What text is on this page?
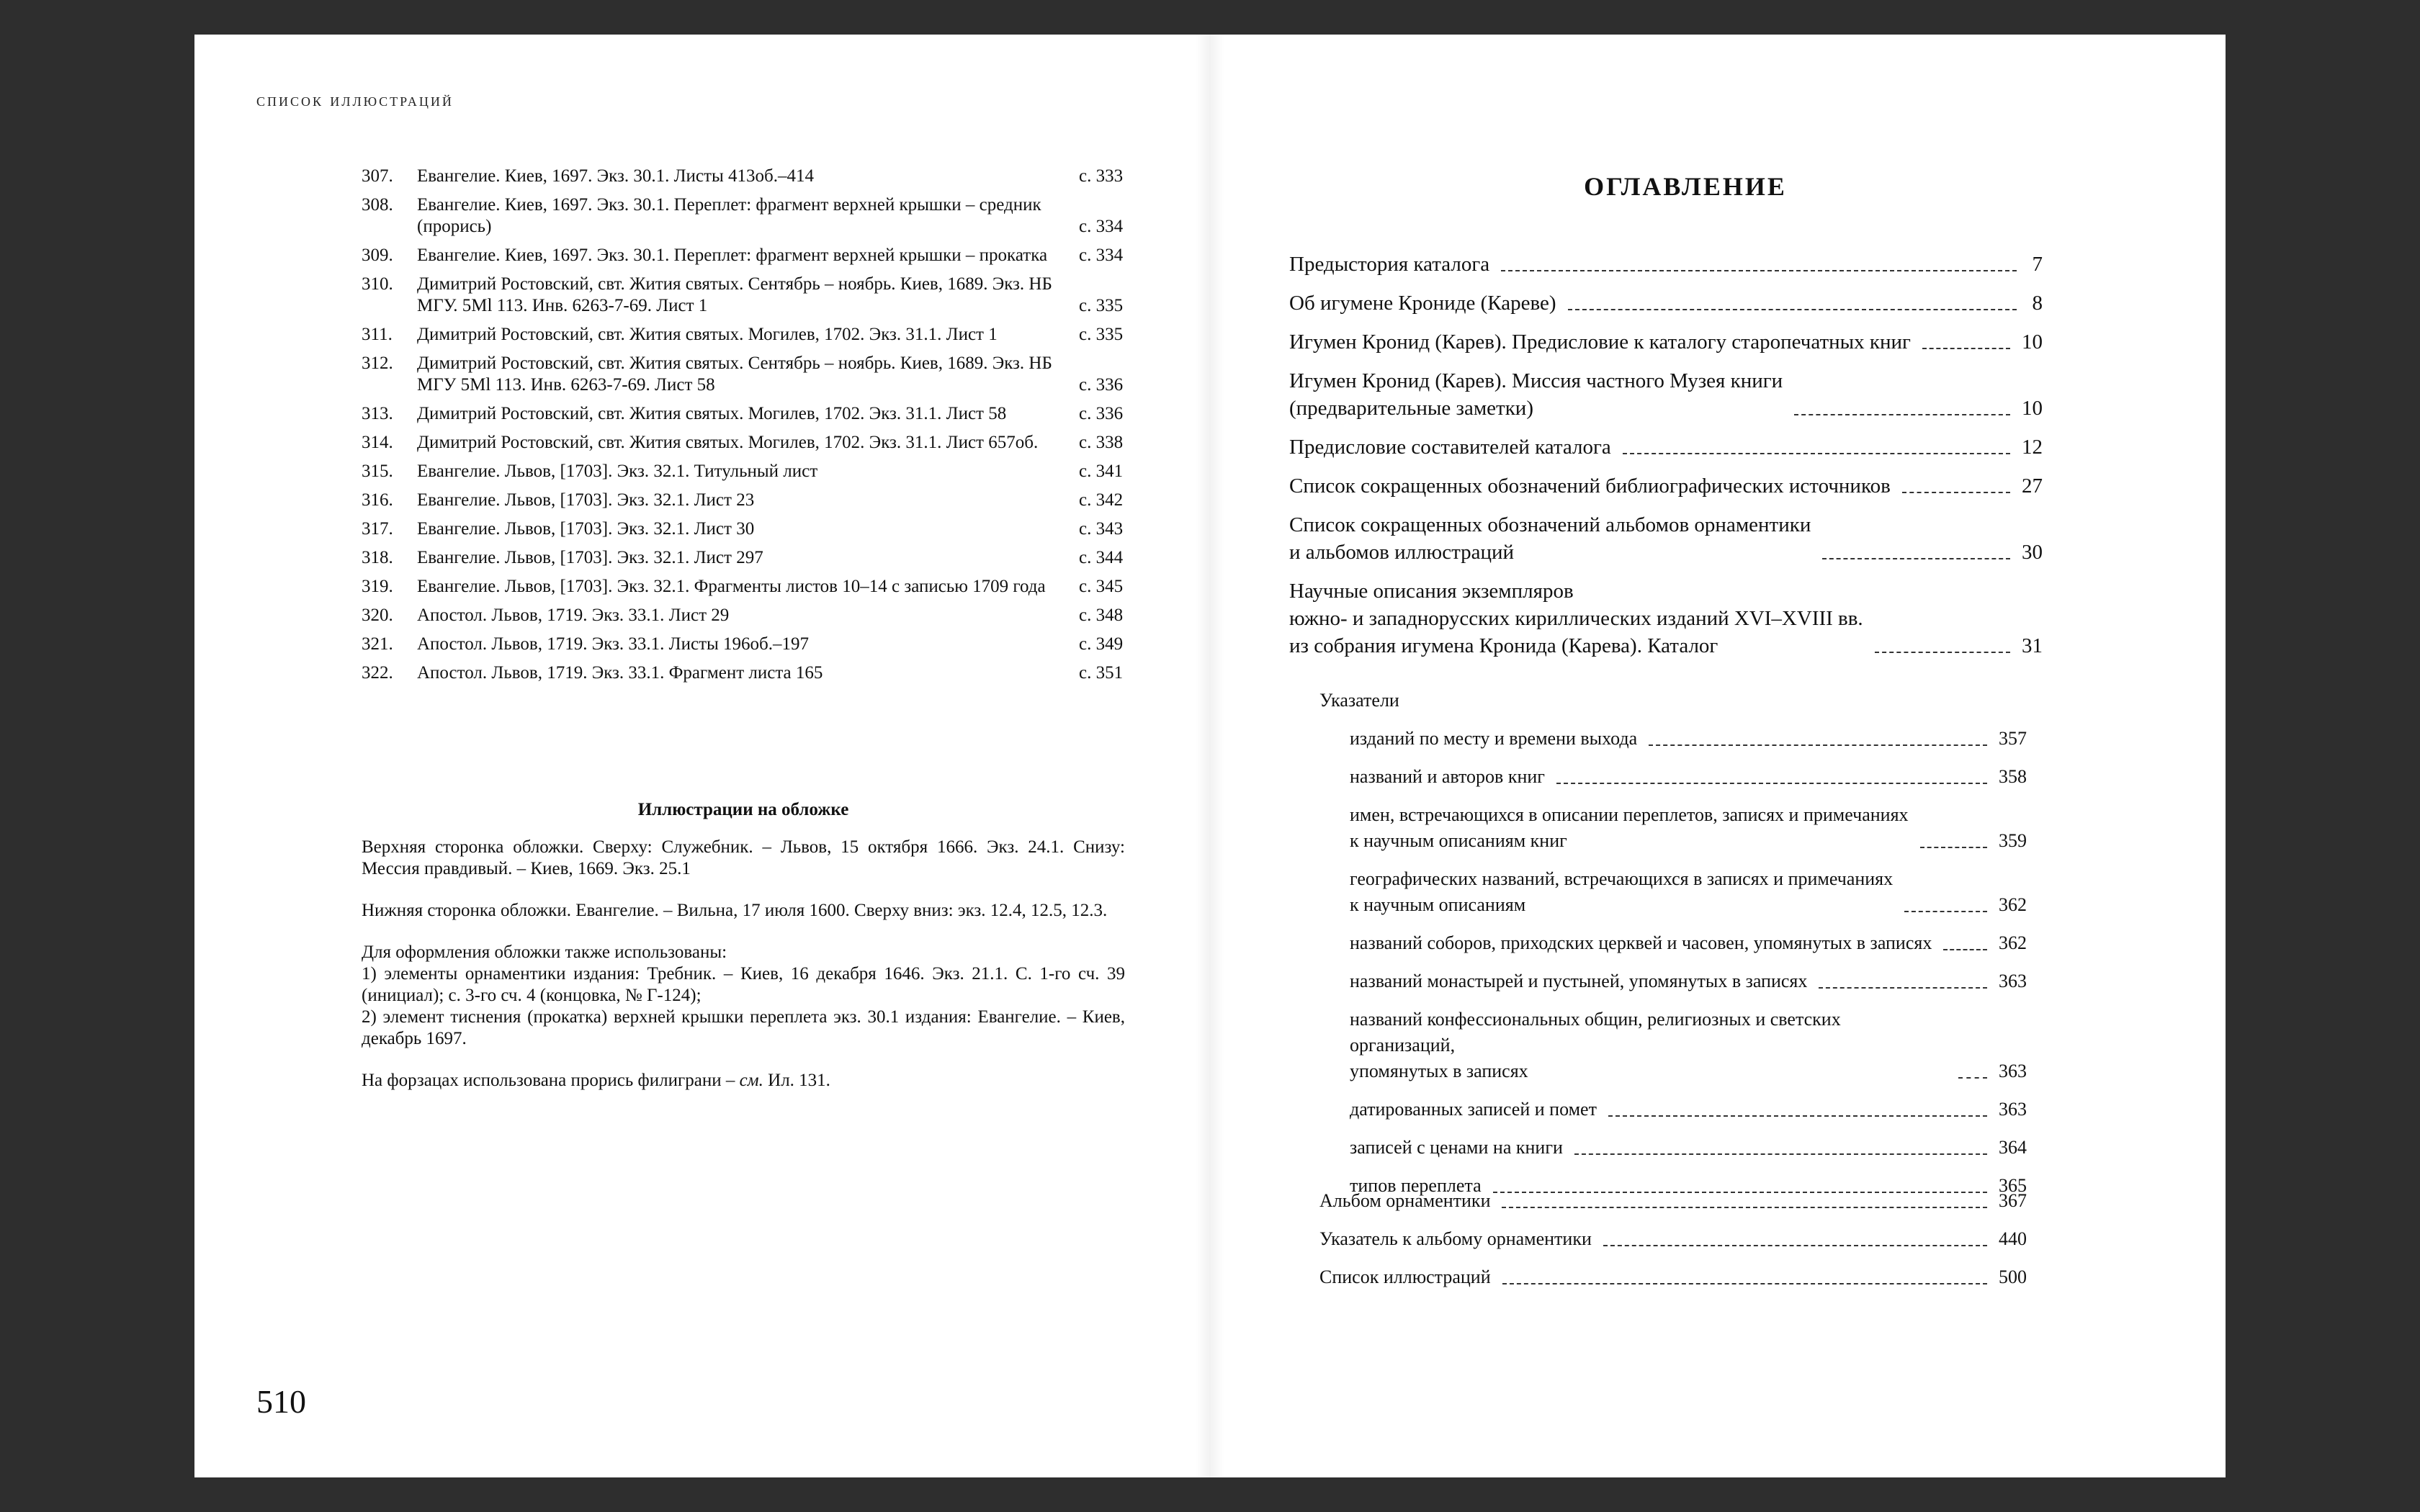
список иллюстраций
307.	Евангелие. Киев, 1697. Экз. 30.1. Листы 413об.–414	с. 333
308.	Евангелие. Киев, 1697. Экз. 30.1. Переплет: фрагмент верхней крышки – средник (прорись)	с. 334
309.	Евангелие. Киев, 1697. Экз. 30.1. Переплет: фрагмент верхней крышки – прокатка	с. 334
310.	Димитрий Ростовский, свт. Жития святых. Сентябрь – ноябрь. Киев, 1689. Экз. НБ МГУ. 5Ml 113. Инв. 6263-7-69. Лист 1	с. 335
311.	Димитрий Ростовский, свт. Жития святых. Могилев, 1702. Экз. 31.1. Лист 1	с. 335
312.	Димитрий Ростовский, свт. Жития святых. Сентябрь – ноябрь. Киев, 1689. Экз. НБ МГУ 5Ml 113. Инв. 6263-7-69. Лист 58	с. 336
313.	Димитрий Ростовский, свт. Жития святых. Могилев, 1702. Экз. 31.1. Лист 58	с. 336
314.	Димитрий Ростовский, свт. Жития святых. Могилев, 1702. Экз. 31.1. Лист 657об.	с. 338
315.	Евангелие. Львов, [1703]. Экз. 32.1. Титульный лист	с. 341
316.	Евангелие. Львов, [1703]. Экз. 32.1. Лист 23	с. 342
317.	Евангелие. Львов, [1703]. Экз. 32.1. Лист 30	с. 343
318.	Евангелие. Львов, [1703]. Экз. 32.1. Лист 297	с. 344
319.	Евангелие. Львов, [1703]. Экз. 32.1. Фрагменты листов 10–14 с записью 1709 года	с. 345
320.	Апостол. Львов, 1719. Экз. 33.1. Лист 29	с. 348
321.	Апостол. Львов, 1719. Экз. 33.1. Листы 196об.–197	с. 349
322.	Апостол. Львов, 1719. Экз. 33.1. Фрагмент листа 165	с. 351
Иллюстрации на обложке

Верхняя сторонка обложки. Сверху: Служебник. – Львов, 15 октября 1666. Экз. 24.1. Снизу: Мессия правдивый. – Киев, 1669. Экз. 25.1

Нижняя сторонка обложки. Евангелие. – Вильна, 17 июля 1600. Сверху вниз: экз. 12.4, 12.5, 12.3.

Для оформления обложки также использованы:
1) элементы орнаментики издания: Требник. – Киев, 16 декабря 1646. Экз. 21.1. С. 1-го сч. 39 (инициал); с. 3-го сч. 4 (концовка, № Г-124);
2) элемент тиснения (прокатка) верхней крышки переплета экз. 30.1 издания: Евангелие. – Киев, декабрь 1697.

На форзацах использована прорись филиграни – см. Ил. 131.

510
ОГЛАВЛЕНИЕ
Предыстория каталога	7
Об игумене Крониде (Кареве)	8
Игумен Кронид (Карев). Предисловие к каталогу старопечатных книг	10
Игумен Кронид (Карев). Миссия частного Музея книги
(предварительные заметки)	10
Предисловие составителей каталога	12
Список сокращенных обозначений библиографических источников	27
Список сокращенных обозначений альбомов орнаментики
и альбомов иллюстраций	30
Научные описания экземпляров
южно- и западнорусских кириллических изданий XVI–XVIII вв.
из собрания игумена Кронида (Карева). Каталог	31
Указатели
изданий по месту и времени выхода	357
названий и авторов книг	358
имен, встречающихся в описании переплетов, записях и примечаниях
к научным описаниям книг	359
географических названий, встречающихся в записях и примечаниях
к научным описаниям	362
названий соборов, приходских церквей и часовен, упомянутых в записях	362
названий монастырей и пустыней, упомянутых в записях	363
названий конфессиональных общин, религиозных и светских организаций,
упомянутых в записях	363
датированных записей и помет	363
записей с ценами на книги	364
типов переплета	365
Альбом орнаментики	367
Указатель к альбому орнаментики	440
Список иллюстраций	500
